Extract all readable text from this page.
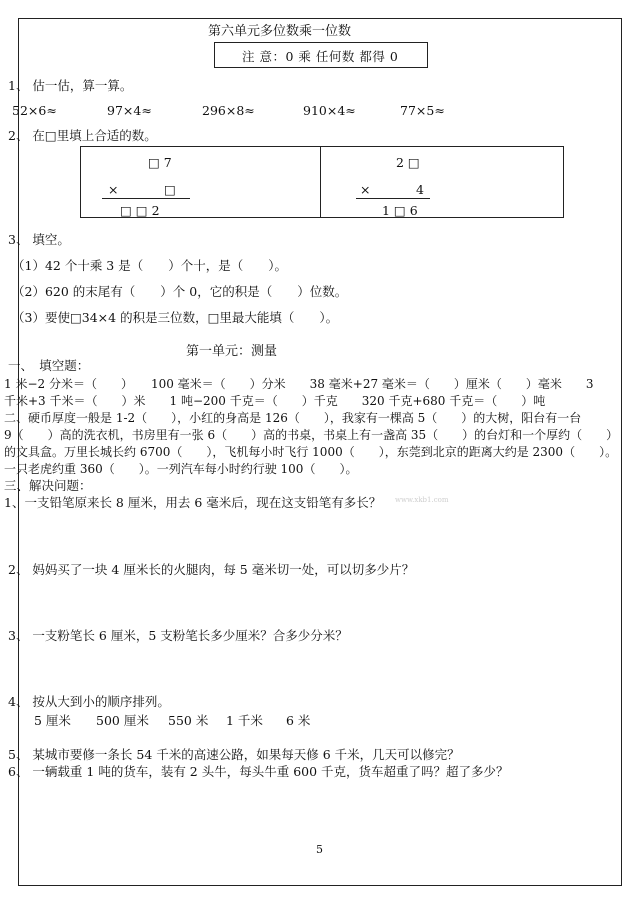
第六单元多位数乘一位数
注 意：0 乘 任何数 都得 0
1、 估一估，算一算。
52×6≈	97×4≈	296×8≈	910×4≈	77×5≈
2、 在□里填上合适的数。
□ 7
×	□
□ □ 2
2 □
×	4
1 □ 6
3、 填空。
（1）42 个十乘 3 是（　　）个十，是（　　）。
（2）620 的末尾有（　　）个 0，它的积是（　　）位数。
（3）要使□34×4 的积是三位数，□里最大能填（　　）。
第一单元：测量
一、　填空题：
1 米−2 分米＝（　　）　　100 毫米＝（　　）分米　　38 毫米+27 毫米＝（　　）厘米（　　）毫米　　3
千米+3 千米＝（　　）米　　1 吨−200 千克＝（　　）千克　　320 千克+680 千克＝（　　）吨
二、硬币厚度一般是 1-2（　　），小红的身高是 126（　　），我家有一棵高 5（　　）的大树，阳台有一台
9（　　）高的洗衣机，书房里有一张 6（　　）高的书桌，书桌上有一盏高 35（　　）的台灯和一个厚约（　　）
的文具盒。万里长城长约 6700（　　），飞机每小时飞行 1000（　　），东莞到北京的距离大约是 2300（　　）。
一只老虎约重 360（　　）。一列汽车每小时约行驶 100（　　）。
三、解决问题：
1、一支铅笔原来长 8 厘米，用去 6 毫米后，现在这支铅笔有多长？ www.xkb1.com
2、 妈妈买了一块 4 厘米长的火腿肉，每 5 毫米切一处，可以切多少片？
3、 一支粉笔长 6 厘米，5 支粉笔长多少厘米？合多少分米？
4、 按从大到小的顺序排列。
5 厘米 500 厘米 550 米 1 千米 6 米
5、 某城市要修一条长 54 千米的高速公路，如果每天修 6 千米，几天可以修完？
6、 一辆载重 1 吨的货车，装有 2 头牛，每头牛重 600 千克，货车超重了吗？超了多少？
5
